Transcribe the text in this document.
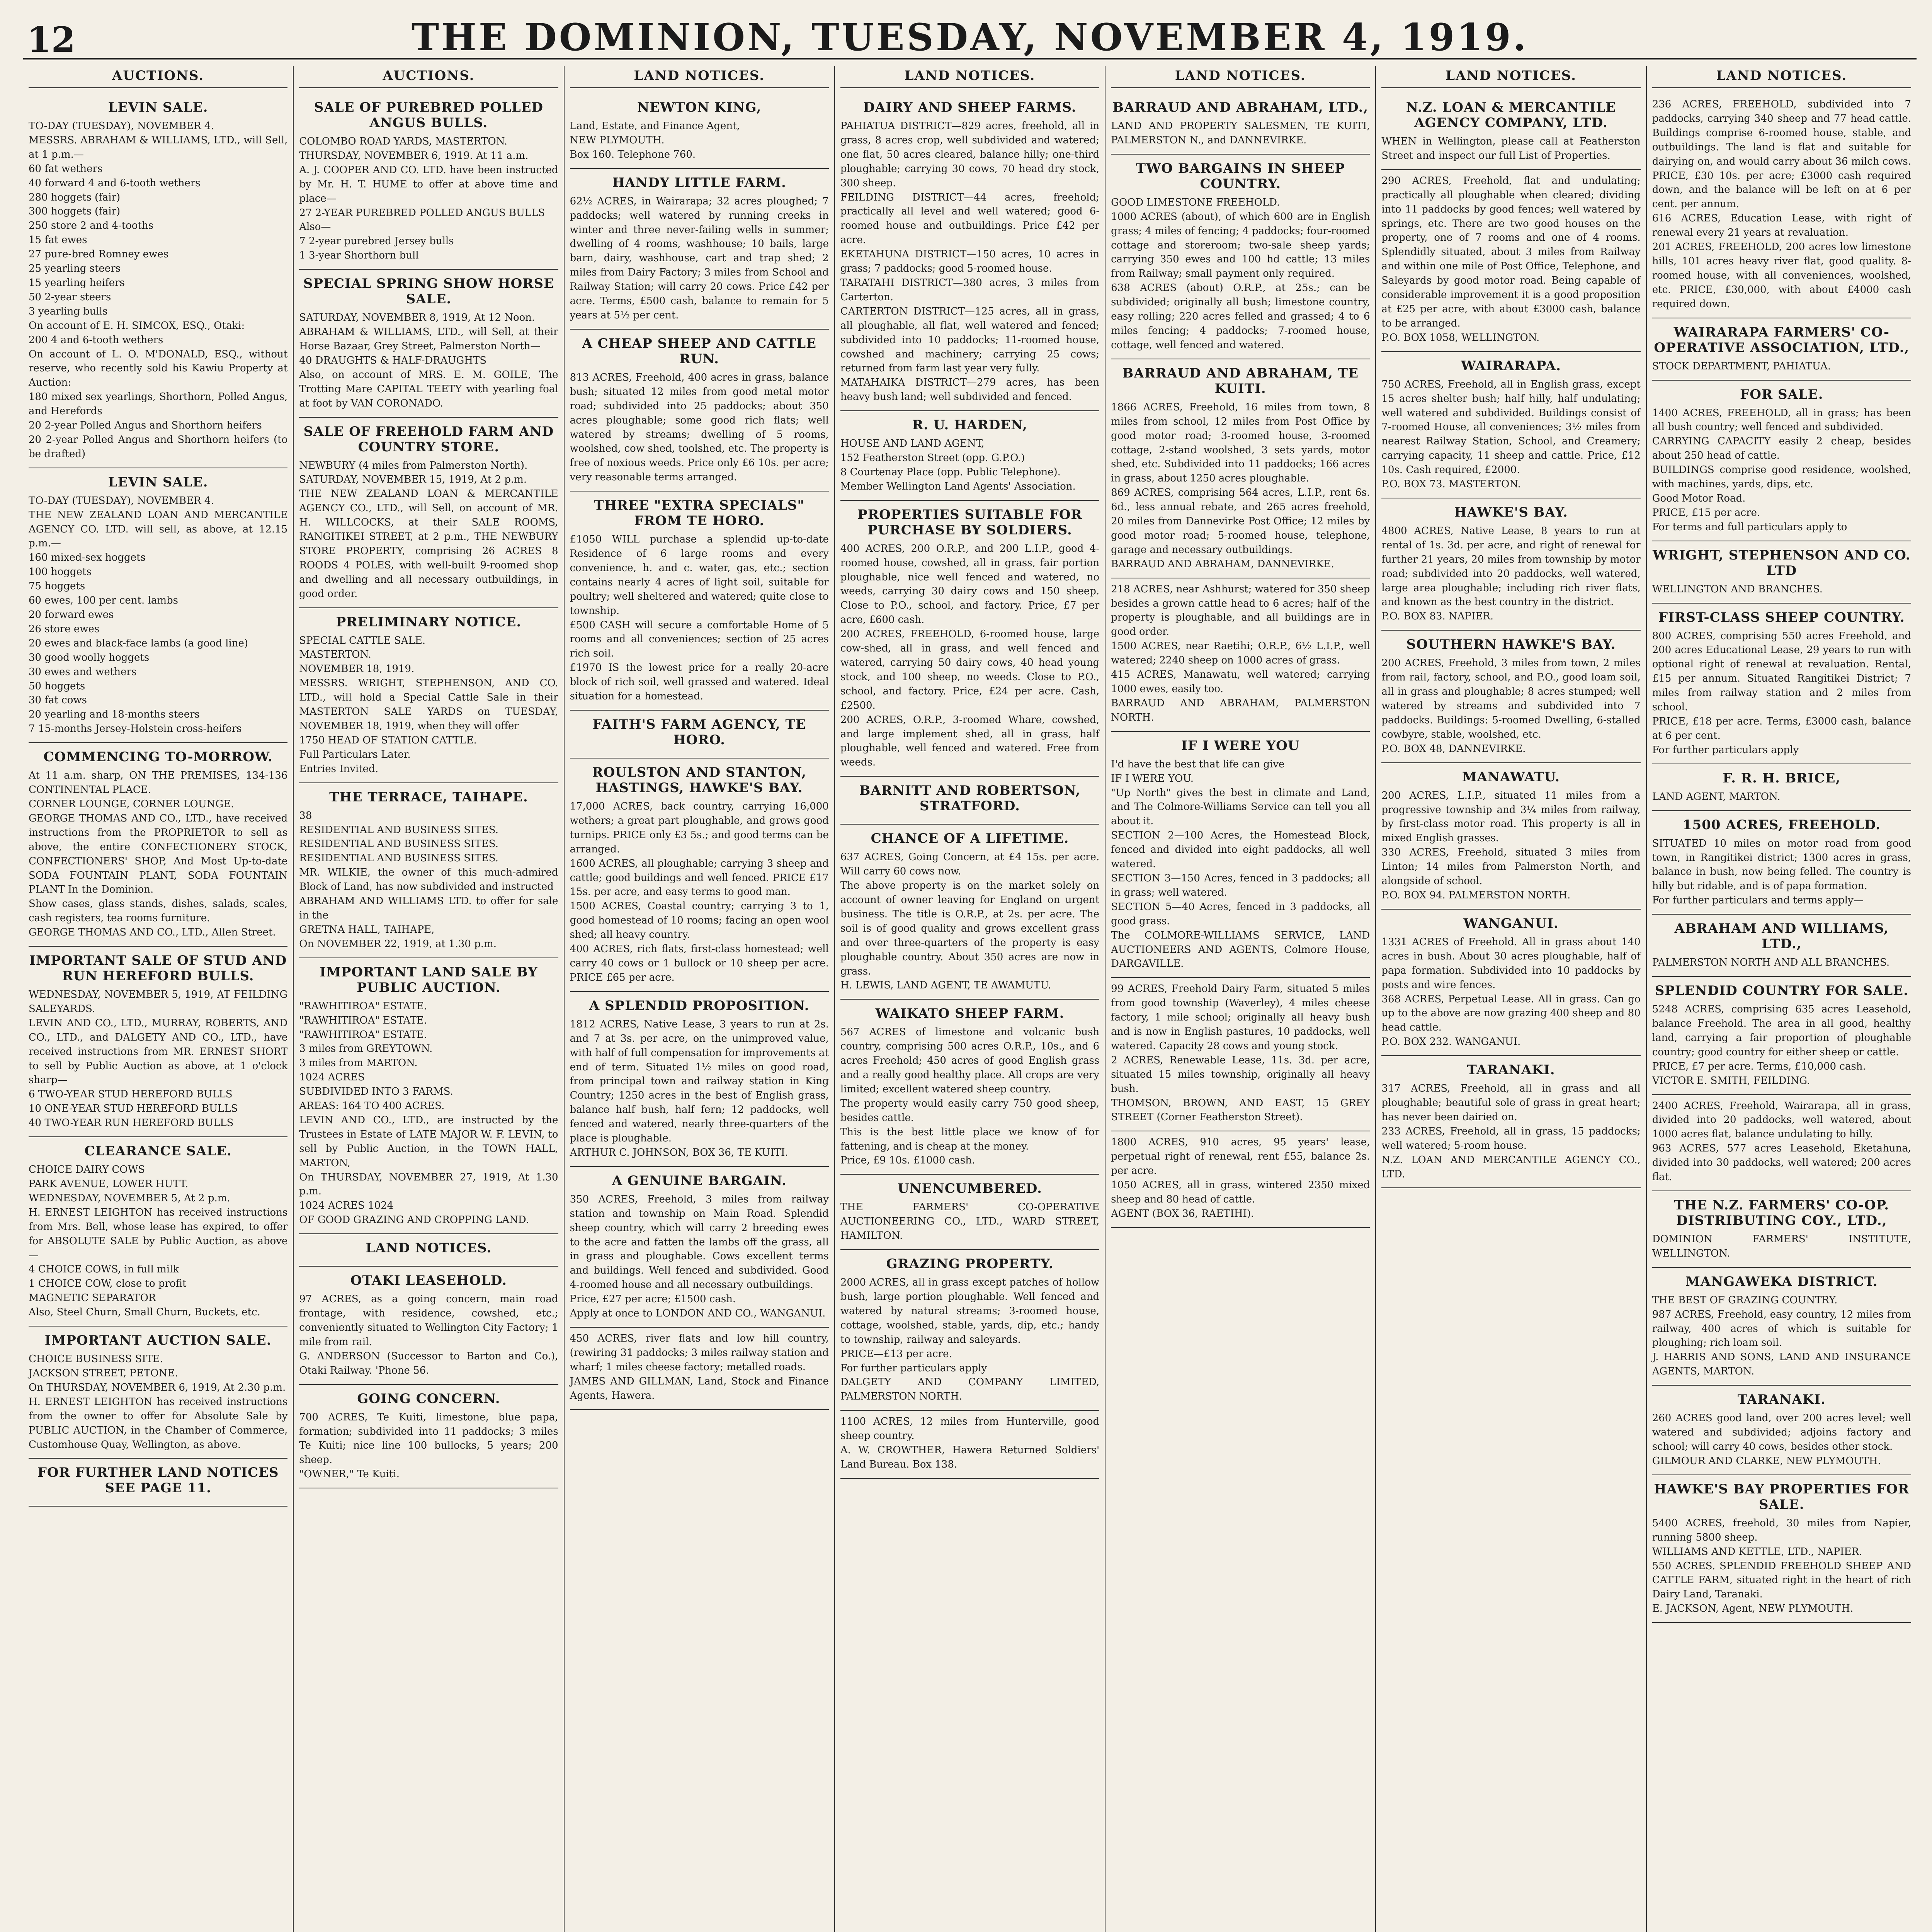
12	THE DOMINION, TUESDAY, NOVEMBER 4, 1919.
AUCTIONS.
LEVIN SALE.
TO-DAY (TUESDAY), NOVEMBER 4.
MESSRS. ABRAHAM & WILLIAMS, LTD., will Sell, at 1 p.m.—
60 fat wethers
40 forward 4 and 6-tooth wethers
280 hoggets (fair)
300 hoggets (fair)
250 store 2 and 4-tooths
15 fat ewes
27 pure-bred Romney ewes
25 yearling steers
15 yearling heifers
50 2-year steers
3 yearling bulls
On account of E. H. SIMCOX, ESQ., Otaki:
200 4 and 6-tooth wethers
On account of L. O. M'DONALD, ESQ., without reserve, who recently sold his Kawiu Property at Auction:
180 mixed sex yearlings, Shorthorn, Polled Angus, and Herefords
20 2-year Polled Angus and Shorthorn heifers
20 2-year Polled Angus and Shorthorn heifers (to be drafted)
LEVIN SALE.
TO-DAY (TUESDAY), NOVEMBER 4.
THE NEW ZEALAND LOAN AND MERCANTILE AGENCY CO. LTD. will sell, as above, at 12.15 p.m.—
160 mixed-sex hoggets
100 hoggets
75 hoggets
60 ewes, 100 per cent. lambs
20 forward ewes
26 store ewes
20 ewes and black-face lambs (a good line)
30 good woolly hoggets
30 ewes and wethers
50 hoggets
30 fat cows
20 yearling and 18-months steers
7 15-months Jersey-Holstein cross-heifers
COMMENCING TO-MORROW.
At 11 a.m. sharp, ON THE PREMISES, 134-136 CONTINENTAL PLACE.
CORNER LOUNGE, CORNER LOUNGE.
GEORGE THOMAS AND CO., LTD., have received instructions from the PROPRIETOR to sell as above, the entire CONFECTIONERY STOCK, CONFECTIONERS' SHOP, And Most Up-to-date SODA FOUNTAIN PLANT, SODA FOUNTAIN PLANT In the Dominion.
Show cases, glass stands, dishes, salads, scales, cash registers, tea rooms furniture.
GEORGE THOMAS AND CO., LTD., Allen Street.
IMPORTANT SALE OF STUD AND RUN HEREFORD BULLS.
WEDNESDAY, NOVEMBER 5, 1919, AT FEILDING SALEYARDS.
LEVIN AND CO., LTD., MURRAY, ROBERTS, AND CO., LTD., and DALGETY AND CO., LTD., have received instructions from MR. ERNEST SHORT to sell by Public Auction as above, at 1 o'clock sharp—
6 TWO-YEAR STUD HEREFORD BULLS
10 ONE-YEAR STUD HEREFORD BULLS
40 TWO-YEAR RUN HEREFORD BULLS
CLEARANCE SALE.
CHOICE DAIRY COWS
PARK AVENUE, LOWER HUTT.
WEDNESDAY, NOVEMBER 5, At 2 p.m.
H. ERNEST LEIGHTON has received instructions from Mrs. Bell, whose lease has expired, to offer for ABSOLUTE SALE by Public Auction, as above—
4 CHOICE COWS, in full milk
1 CHOICE COW, close to profit
MAGNETIC SEPARATOR
Also, Steel Churn, Small Churn, Buckets, etc.
IMPORTANT AUCTION SALE.
CHOICE BUSINESS SITE.
JACKSON STREET, PETONE.
On THURSDAY, NOVEMBER 6, 1919, At 2.30 p.m.
H. ERNEST LEIGHTON has received instructions from the owner to offer for Absolute Sale by PUBLIC AUCTION, in the Chamber of Commerce, Customhouse Quay, Wellington, as above.
FOR FURTHER LAND NOTICES SEE PAGE 11.
AUCTIONS.
SALE OF PUREBRED POLLED ANGUS BULLS.
COLOMBO ROAD YARDS, MASTERTON.
THURSDAY, NOVEMBER 6, 1919. At 11 a.m.
A. J. COOPER AND CO. LTD. have been instructed by Mr. H. T. HUME to offer at above time and place—
27 2-YEAR PUREBRED POLLED ANGUS BULLS
Also—
7 2-year purebred Jersey bulls
1 3-year Shorthorn bull
SPECIAL SPRING SHOW HORSE SALE.
SATURDAY, NOVEMBER 8, 1919, At 12 Noon.
ABRAHAM & WILLIAMS, LTD., will Sell, at their Horse Bazaar, Grey Street, Palmerston North—
40 DRAUGHTS & HALF-DRAUGHTS
Also, on account of MRS. E. M. GOILE, The Trotting Mare CAPITAL TEETY with yearling foal at foot by VAN CORONADO.
SALE OF FREEHOLD FARM AND COUNTRY STORE.
NEWBURY (4 miles from Palmerston North).
SATURDAY, NOVEMBER 15, 1919, At 2 p.m.
THE NEW ZEALAND LOAN & MERCANTILE AGENCY CO., LTD., will Sell, on account of MR. H. WILLCOCKS, at their SALE ROOMS, RANGITIKEI STREET, at 2 p.m., THE NEWBURY STORE PROPERTY, comprising 26 ACRES 8 ROODS 4 POLES, with well-built 9-roomed shop and dwelling and all necessary outbuildings, in good order.
PRELIMINARY NOTICE.
SPECIAL CATTLE SALE.
MASTERTON.
NOVEMBER 18, 1919.
MESSRS. WRIGHT, STEPHENSON, AND CO. LTD., will hold a Special Cattle Sale in their MASTERTON SALE YARDS on TUESDAY, NOVEMBER 18, 1919, when they will offer
1750 HEAD OF STATION CATTLE.
Full Particulars Later.
Entries Invited.
THE TERRACE, TAIHAPE.
38
RESIDENTIAL AND BUSINESS SITES.
RESIDENTIAL AND BUSINESS SITES.
RESIDENTIAL AND BUSINESS SITES.
MR. WILKIE, the owner of this much-admired Block of Land, has now subdivided and instructed
ABRAHAM AND WILLIAMS LTD. to offer for sale in the
GRETNA HALL, TAIHAPE,
On NOVEMBER 22, 1919, at 1.30 p.m.
IMPORTANT LAND SALE BY PUBLIC AUCTION.
"RAWHITIROA" ESTATE.
"RAWHITIROA" ESTATE.
"RAWHITIROA" ESTATE.
3 miles from GREYTOWN.
3 miles from MARTON.
1024 ACRES
SUBDIVIDED INTO 3 FARMS.
AREAS: 164 TO 400 ACRES.
LEVIN AND CO., LTD., are instructed by the Trustees in Estate of LATE MAJOR W. F. LEVIN, to sell by Public Auction, in the TOWN HALL, MARTON,
On THURSDAY, NOVEMBER 27, 1919, At 1.30 p.m.
1024 ACRES 1024
OF GOOD GRAZING AND CROPPING LAND.
LAND NOTICES.
OTAKI LEASEHOLD.
97 ACRES, as a going concern, main road frontage, with residence, cowshed, etc.; conveniently situated to Wellington City Factory; 1 mile from rail.
G. ANDERSON (Successor to Barton and Co.), Otaki Railway. 'Phone 56.
GOING CONCERN.
700 ACRES, Te Kuiti, limestone, blue papa, formation; subdivided into 11 paddocks; 3 miles Te Kuiti; nice line 100 bullocks, 5 years; 200 sheep.
"OWNER," Te Kuiti.
LAND NOTICES.
NEWTON KING,
Land, Estate, and Finance Agent,
NEW PLYMOUTH.
Box 160. Telephone 760.
HANDY LITTLE FARM.
62½ ACRES, in Wairarapa; 32 acres ploughed; 7 paddocks; well watered by running creeks in winter and three never-failing wells in summer; dwelling of 4 rooms, washhouse; 10 bails, large barn, dairy, washhouse, cart and trap shed; 2 miles from Dairy Factory; 3 miles from School and Railway Station; will carry 20 cows. Price £42 per acre. Terms, £500 cash, balance to remain for 5 years at 5½ per cent.
A CHEAP SHEEP AND CATTLE RUN.
813 ACRES, Freehold, 400 acres in grass, balance bush; situated 12 miles from good metal motor road; subdivided into 25 paddocks; about 350 acres ploughable; some good rich flats; well watered by streams; dwelling of 5 rooms, woolshed, cow shed, toolshed, etc. The property is free of noxious weeds. Price only £6 10s. per acre; very reasonable terms arranged.
THREE "EXTRA SPECIALS" FROM TE HORO.
£1050 WILL purchase a splendid up-to-date Residence of 6 large rooms and every convenience, h. and c. water, gas, etc.; section contains nearly 4 acres of light soil, suitable for poultry; well sheltered and watered; quite close to township.
£500 CASH will secure a comfortable Home of 5 rooms and all conveniences; section of 25 acres rich soil.
£1970 IS the lowest price for a really 20-acre block of rich soil, well grassed and watered. Ideal situation for a homestead.
FAITH'S FARM AGENCY, TE HORO.
ROULSTON AND STANTON, HASTINGS, HAWKE'S BAY.
17,000 ACRES, back country, carrying 16,000 wethers; a great part ploughable, and grows good turnips. PRICE only £3 5s.; and good terms can be arranged.
1600 ACRES, all ploughable; carrying 3 sheep and cattle; good buildings and well fenced. PRICE £17 15s. per acre, and easy terms to good man.
1500 ACRES, Coastal country; carrying 3 to 1, good homestead of 10 rooms; facing an open wool shed; all heavy country.
400 ACRES, rich flats, first-class homestead; well carry 40 cows or 1 bullock or 10 sheep per acre. PRICE £65 per acre.
A SPLENDID PROPOSITION.
1812 ACRES, Native Lease, 3 years to run at 2s. and 7 at 3s. per acre, on the unimproved value, with half of full compensation for improvements at end of term. Situated 1½ miles on good road, from principal town and railway station in King Country; 1250 acres in the best of English grass, balance half bush, half fern; 12 paddocks, well fenced and watered, nearly three-quarters of the place is ploughable.
ARTHUR C. JOHNSON, BOX 36, TE KUITI.
A GENUINE BARGAIN.
350 ACRES, Freehold, 3 miles from railway station and township on Main Road. Splendid sheep country, which will carry 2 breeding ewes to the acre and fatten the lambs off the grass, all in grass and ploughable. Cows excellent terms and buildings. Well fenced and subdivided. Good 4-roomed house and all necessary outbuildings.
Price, £27 per acre; £1500 cash.
Apply at once to LONDON AND CO., WANGANUI.
450 ACRES, river flats and low hill country, (rewiring 31 paddocks; 3 miles railway station and wharf; 1 miles cheese factory; metalled roads.
JAMES AND GILLMAN, Land, Stock and Finance Agents, Hawera.
LAND NOTICES.
DAIRY AND SHEEP FARMS.
PAHIATUA DISTRICT—829 acres, freehold, all in grass, 8 acres crop, well subdivided and watered; one flat, 50 acres cleared, balance hilly; one-third ploughable; carrying 30 cows, 70 head dry stock, 300 sheep.
FEILDING DISTRICT—44 acres, freehold; practically all level and well watered; good 6-roomed house and outbuildings. Price £42 per acre.
EKETAHUNA DISTRICT—150 acres, 10 acres in grass; 7 paddocks; good 5-roomed house.
TARATAHI DISTRICT—380 acres, 3 miles from Carterton.
CARTERTON DISTRICT—125 acres, all in grass, all ploughable, all flat, well watered and fenced; subdivided into 10 paddocks; 11-roomed house, cowshed and machinery; carrying 25 cows; returned from farm last year very fully.
MATAHAIKA DISTRICT—279 acres, has been heavy bush land; well subdivided and fenced.
R. U. HARDEN,
HOUSE AND LAND AGENT,
152 Featherston Street (opp. G.P.O.)
8 Courtenay Place (opp. Public Telephone).
Member Wellington Land Agents' Association.
PROPERTIES SUITABLE FOR PURCHASE BY SOLDIERS.
400 ACRES, 200 O.R.P., and 200 L.I.P., good 4-roomed house, cowshed, all in grass, fair portion ploughable, nice well fenced and watered, no weeds, carrying 30 dairy cows and 150 sheep. Close to P.O., school, and factory. Price, £7 per acre, £600 cash.
200 ACRES, FREEHOLD, 6-roomed house, large cow-shed, all in grass, and well fenced and watered, carrying 50 dairy cows, 40 head young stock, and 100 sheep, no weeds. Close to P.O., school, and factory. Price, £24 per acre. Cash, £2500.
200 ACRES, O.R.P., 3-roomed Whare, cowshed, and large implement shed, all in grass, half ploughable, well fenced and watered. Free from weeds.
BARNITT AND ROBERTSON, STRATFORD.
CHANCE OF A LIFETIME.
637 ACRES, Going Concern, at £4 15s. per acre. Will carry 60 cows now.
The above property is on the market solely on account of owner leaving for England on urgent business. The title is O.R.P., at 2s. per acre. The soil is of good quality and grows excellent grass and over three-quarters of the property is easy ploughable country. About 350 acres are now in grass.
H. LEWIS, LAND AGENT, TE AWAMUTU.
WAIKATO SHEEP FARM.
567 ACRES of limestone and volcanic bush country, comprising 500 acres O.R.P., 10s., and 6 acres Freehold; 450 acres of good English grass and a really good healthy place. All crops are very limited; excellent watered sheep country.
The property would easily carry 750 good sheep, besides cattle.
This is the best little place we know of for fattening, and is cheap at the money.
Price, £9 10s. £1000 cash.
UNENCUMBERED.
THE FARMERS' CO-OPERATIVE AUCTIONEERING CO., LTD., WARD STREET, HAMILTON.
GRAZING PROPERTY.
2000 ACRES, all in grass except patches of hollow bush, large portion ploughable. Well fenced and watered by natural streams; 3-roomed house, cottage, woolshed, stable, yards, dip, etc.; handy to township, railway and saleyards.
PRICE—£13 per acre.
For further particulars apply
DALGETY AND COMPANY LIMITED, PALMERSTON NORTH.
1100 ACRES, 12 miles from Hunterville, good sheep country.
A. W. CROWTHER, Hawera Returned Soldiers' Land Bureau. Box 138.
LAND NOTICES.
BARRAUD AND ABRAHAM, LTD.,
LAND AND PROPERTY SALESMEN, TE KUITI, PALMERSTON N., and DANNEVIRKE.
TWO BARGAINS IN SHEEP COUNTRY.
GOOD LIMESTONE FREEHOLD.
1000 ACRES (about), of which 600 are in English grass; 4 miles of fencing; 4 paddocks; four-roomed cottage and storeroom; two-sale sheep yards; carrying 350 ewes and 100 hd cattle; 13 miles from Railway; small payment only required.
638 ACRES (about) O.R.P., at 25s.; can be subdivided; originally all bush; limestone country, easy rolling; 220 acres felled and grassed; 4 to 6 miles fencing; 4 paddocks; 7-roomed house, cottage, well fenced and watered.
BARRAUD AND ABRAHAM, TE KUITI.
1866 ACRES, Freehold, 16 miles from town, 8 miles from school, 12 miles from Post Office by good motor road; 3-roomed house, 3-roomed cottage, 2-stand woolshed, 3 sets yards, motor shed, etc. Subdivided into 11 paddocks; 166 acres in grass, about 1250 acres ploughable.
869 ACRES, comprising 564 acres, L.I.P., rent 6s. 6d., less annual rebate, and 265 acres freehold, 20 miles from Dannevirke Post Office; 12 miles by good motor road; 5-roomed house, telephone, garage and necessary outbuildings.
BARRAUD AND ABRAHAM, DANNEVIRKE.
218 ACRES, near Ashhurst; watered for 350 sheep besides a grown cattle head to 6 acres; half of the property is ploughable, and all buildings are in good order.
1500 ACRES, near Raetihi; O.R.P., 6½ L.I.P., well watered; 2240 sheep on 1000 acres of grass.
415 ACRES, Manawatu, well watered; carrying 1000 ewes, easily too.
BARRAUD AND ABRAHAM, PALMERSTON NORTH.
IF I WERE YOU
I'd have the best that life can give
IF I WERE YOU.
"Up North" gives the best in climate and Land, and The Colmore-Williams Service can tell you all about it.
SECTION 2—100 Acres, the Homestead Block, fenced and divided into eight paddocks, all well watered.
SECTION 3—150 Acres, fenced in 3 paddocks; all in grass; well watered.
SECTION 5—40 Acres, fenced in 3 paddocks, all good grass.
The COLMORE-WILLIAMS SERVICE, LAND AUCTIONEERS AND AGENTS, Colmore House, DARGAVILLE.
99 ACRES, Freehold Dairy Farm, situated 5 miles from good township (Waverley), 4 miles cheese factory, 1 mile school; originally all heavy bush and is now in English pastures, 10 paddocks, well watered. Capacity 28 cows and young stock.
2 ACRES, Renewable Lease, 11s. 3d. per acre, situated 15 miles township, originally all heavy bush.
THOMSON, BROWN, AND EAST, 15 GREY STREET (Corner Featherston Street).
1800 ACRES, 910 acres, 95 years' lease, perpetual right of renewal, rent £55, balance 2s. per acre.
1050 ACRES, all in grass, wintered 2350 mixed sheep and 80 head of cattle.
AGENT (BOX 36, RAETIHI).
LAND NOTICES.
N.Z. LOAN & MERCANTILE AGENCY COMPANY, LTD.
WHEN in Wellington, please call at Featherston Street and inspect our full List of Properties.
290 ACRES, Freehold, flat and undulating; practically all ploughable when cleared; dividing into 11 paddocks by good fences; well watered by springs, etc. There are two good houses on the property, one of 7 rooms and one of 4 rooms. Splendidly situated, about 3 miles from Railway and within one mile of Post Office, Telephone, and Saleyards by good motor road. Being capable of considerable improvement it is a good proposition at £25 per acre, with about £3000 cash, balance to be arranged.
P.O. BOX 1058, WELLINGTON.
WAIRARAPA.
750 ACRES, Freehold, all in English grass, except 15 acres shelter bush; half hilly, half undulating; well watered and subdivided. Buildings consist of 7-roomed House, all conveniences; 3½ miles from nearest Railway Station, School, and Creamery; carrying capacity, 11 sheep and cattle. Price, £12 10s. Cash required, £2000.
P.O. BOX 73. MASTERTON.
HAWKE'S BAY.
4800 ACRES, Native Lease, 8 years to run at rental of 1s. 3d. per acre, and right of renewal for further 21 years, 20 miles from township by motor road; subdivided into 20 paddocks, well watered, large area ploughable; including rich river flats, and known as the best country in the district.
P.O. BOX 83. NAPIER.
SOUTHERN HAWKE'S BAY.
200 ACRES, Freehold, 3 miles from town, 2 miles from rail, factory, school, and P.O., good loam soil, all in grass and ploughable; 8 acres stumped; well watered by streams and subdivided into 7 paddocks. Buildings: 5-roomed Dwelling, 6-stalled cowbyre, stable, woolshed, etc.
P.O. BOX 48, DANNEVIRKE.
MANAWATU.
200 ACRES, L.I.P., situated 11 miles from a progressive township and 3¼ miles from railway, by first-class motor road. This property is all in mixed English grasses.
330 ACRES, Freehold, situated 3 miles from Linton; 14 miles from Palmerston North, and alongside of school.
P.O. BOX 94. PALMERSTON NORTH.
WANGANUI.
1331 ACRES of Freehold. All in grass about 140 acres in bush. About 30 acres ploughable, half of papa formation. Subdivided into 10 paddocks by posts and wire fences.
368 ACRES, Perpetual Lease. All in grass. Can go up to the above are now grazing 400 sheep and 80 head cattle.
P.O. BOX 232. WANGANUI.
TARANAKI.
317 ACRES, Freehold, all in grass and all ploughable; beautiful sole of grass in great heart; has never been dairied on.
233 ACRES, Freehold, all in grass, 15 paddocks; well watered; 5-room house.
N.Z. LOAN AND MERCANTILE AGENCY CO., LTD.
LAND NOTICES.
236 ACRES, FREEHOLD, subdivided into 7 paddocks, carrying 340 sheep and 77 head cattle. Buildings comprise 6-roomed house, stable, and outbuildings. The land is flat and suitable for dairying on, and would carry about 36 milch cows. PRICE, £30 10s. per acre; £3000 cash required down, and the balance will be left on at 6 per cent. per annum.
616 ACRES, Education Lease, with right of renewal every 21 years at revaluation.
201 ACRES, FREEHOLD, 200 acres low limestone hills, 101 acres heavy river flat, good quality. 8-roomed house, with all conveniences, woolshed, etc. PRICE, £30,000, with about £4000 cash required down.
WAIRARAPA FARMERS' CO-OPERATIVE ASSOCIATION, LTD.,
STOCK DEPARTMENT, PAHIATUA.
FOR SALE.
1400 ACRES, FREEHOLD, all in grass; has been all bush country; well fenced and subdivided.
CARRYING CAPACITY easily 2 cheap, besides about 250 head of cattle.
BUILDINGS comprise good residence, woolshed, with machines, yards, dips, etc.
Good Motor Road.
PRICE, £15 per acre.
For terms and full particulars apply to
WRIGHT, STEPHENSON AND CO. LTD
WELLINGTON AND BRANCHES.
FIRST-CLASS SHEEP COUNTRY.
800 ACRES, comprising 550 acres Freehold, and 200 acres Educational Lease, 29 years to run with optional right of renewal at revaluation. Rental, £15 per annum. Situated Rangitikei District; 7 miles from railway station and 2 miles from school.
PRICE, £18 per acre. Terms, £3000 cash, balance at 6 per cent.
For further particulars apply
F. R. H. BRICE,
LAND AGENT, MARTON.
1500 ACRES, FREEHOLD.
SITUATED 10 miles on motor road from good town, in Rangitikei district; 1300 acres in grass, balance in bush, now being felled. The country is hilly but ridable, and is of papa formation.
For further particulars and terms apply—
ABRAHAM AND WILLIAMS, LTD.,
PALMERSTON NORTH AND ALL BRANCHES.
SPLENDID COUNTRY FOR SALE.
5248 ACRES, comprising 635 acres Leasehold, balance Freehold. The area in all good, healthy land, carrying a fair proportion of ploughable country; good country for either sheep or cattle.
PRICE, £7 per acre. Terms, £10,000 cash.
VICTOR E. SMITH, FEILDING.
2400 ACRES, Freehold, Wairarapa, all in grass, divided into 20 paddocks, well watered, about 1000 acres flat, balance undulating to hilly.
963 ACRES, 577 acres Leasehold, Eketahuna, divided into 30 paddocks, well watered; 200 acres flat.
THE N.Z. FARMERS' CO-OP. DISTRIBUTING COY., LTD.,
DOMINION FARMERS' INSTITUTE, WELLINGTON.
MANGAWEKA DISTRICT.
THE BEST OF GRAZING COUNTRY.
987 ACRES, Freehold, easy country, 12 miles from railway, 400 acres of which is suitable for ploughing; rich loam soil.
J. HARRIS AND SONS, LAND AND INSURANCE AGENTS, MARTON.
TARANAKI.
260 ACRES good land, over 200 acres level; well watered and subdivided; adjoins factory and school; will carry 40 cows, besides other stock.
GILMOUR AND CLARKE, NEW PLYMOUTH.
HAWKE'S BAY PROPERTIES FOR SALE.
5400 ACRES, freehold, 30 miles from Napier, running 5800 sheep.
WILLIAMS AND KETTLE, LTD., NAPIER.
550 ACRES. SPLENDID FREEHOLD SHEEP AND CATTLE FARM, situated right in the heart of rich Dairy Land, Taranaki.
E. JACKSON, Agent, NEW PLYMOUTH.
